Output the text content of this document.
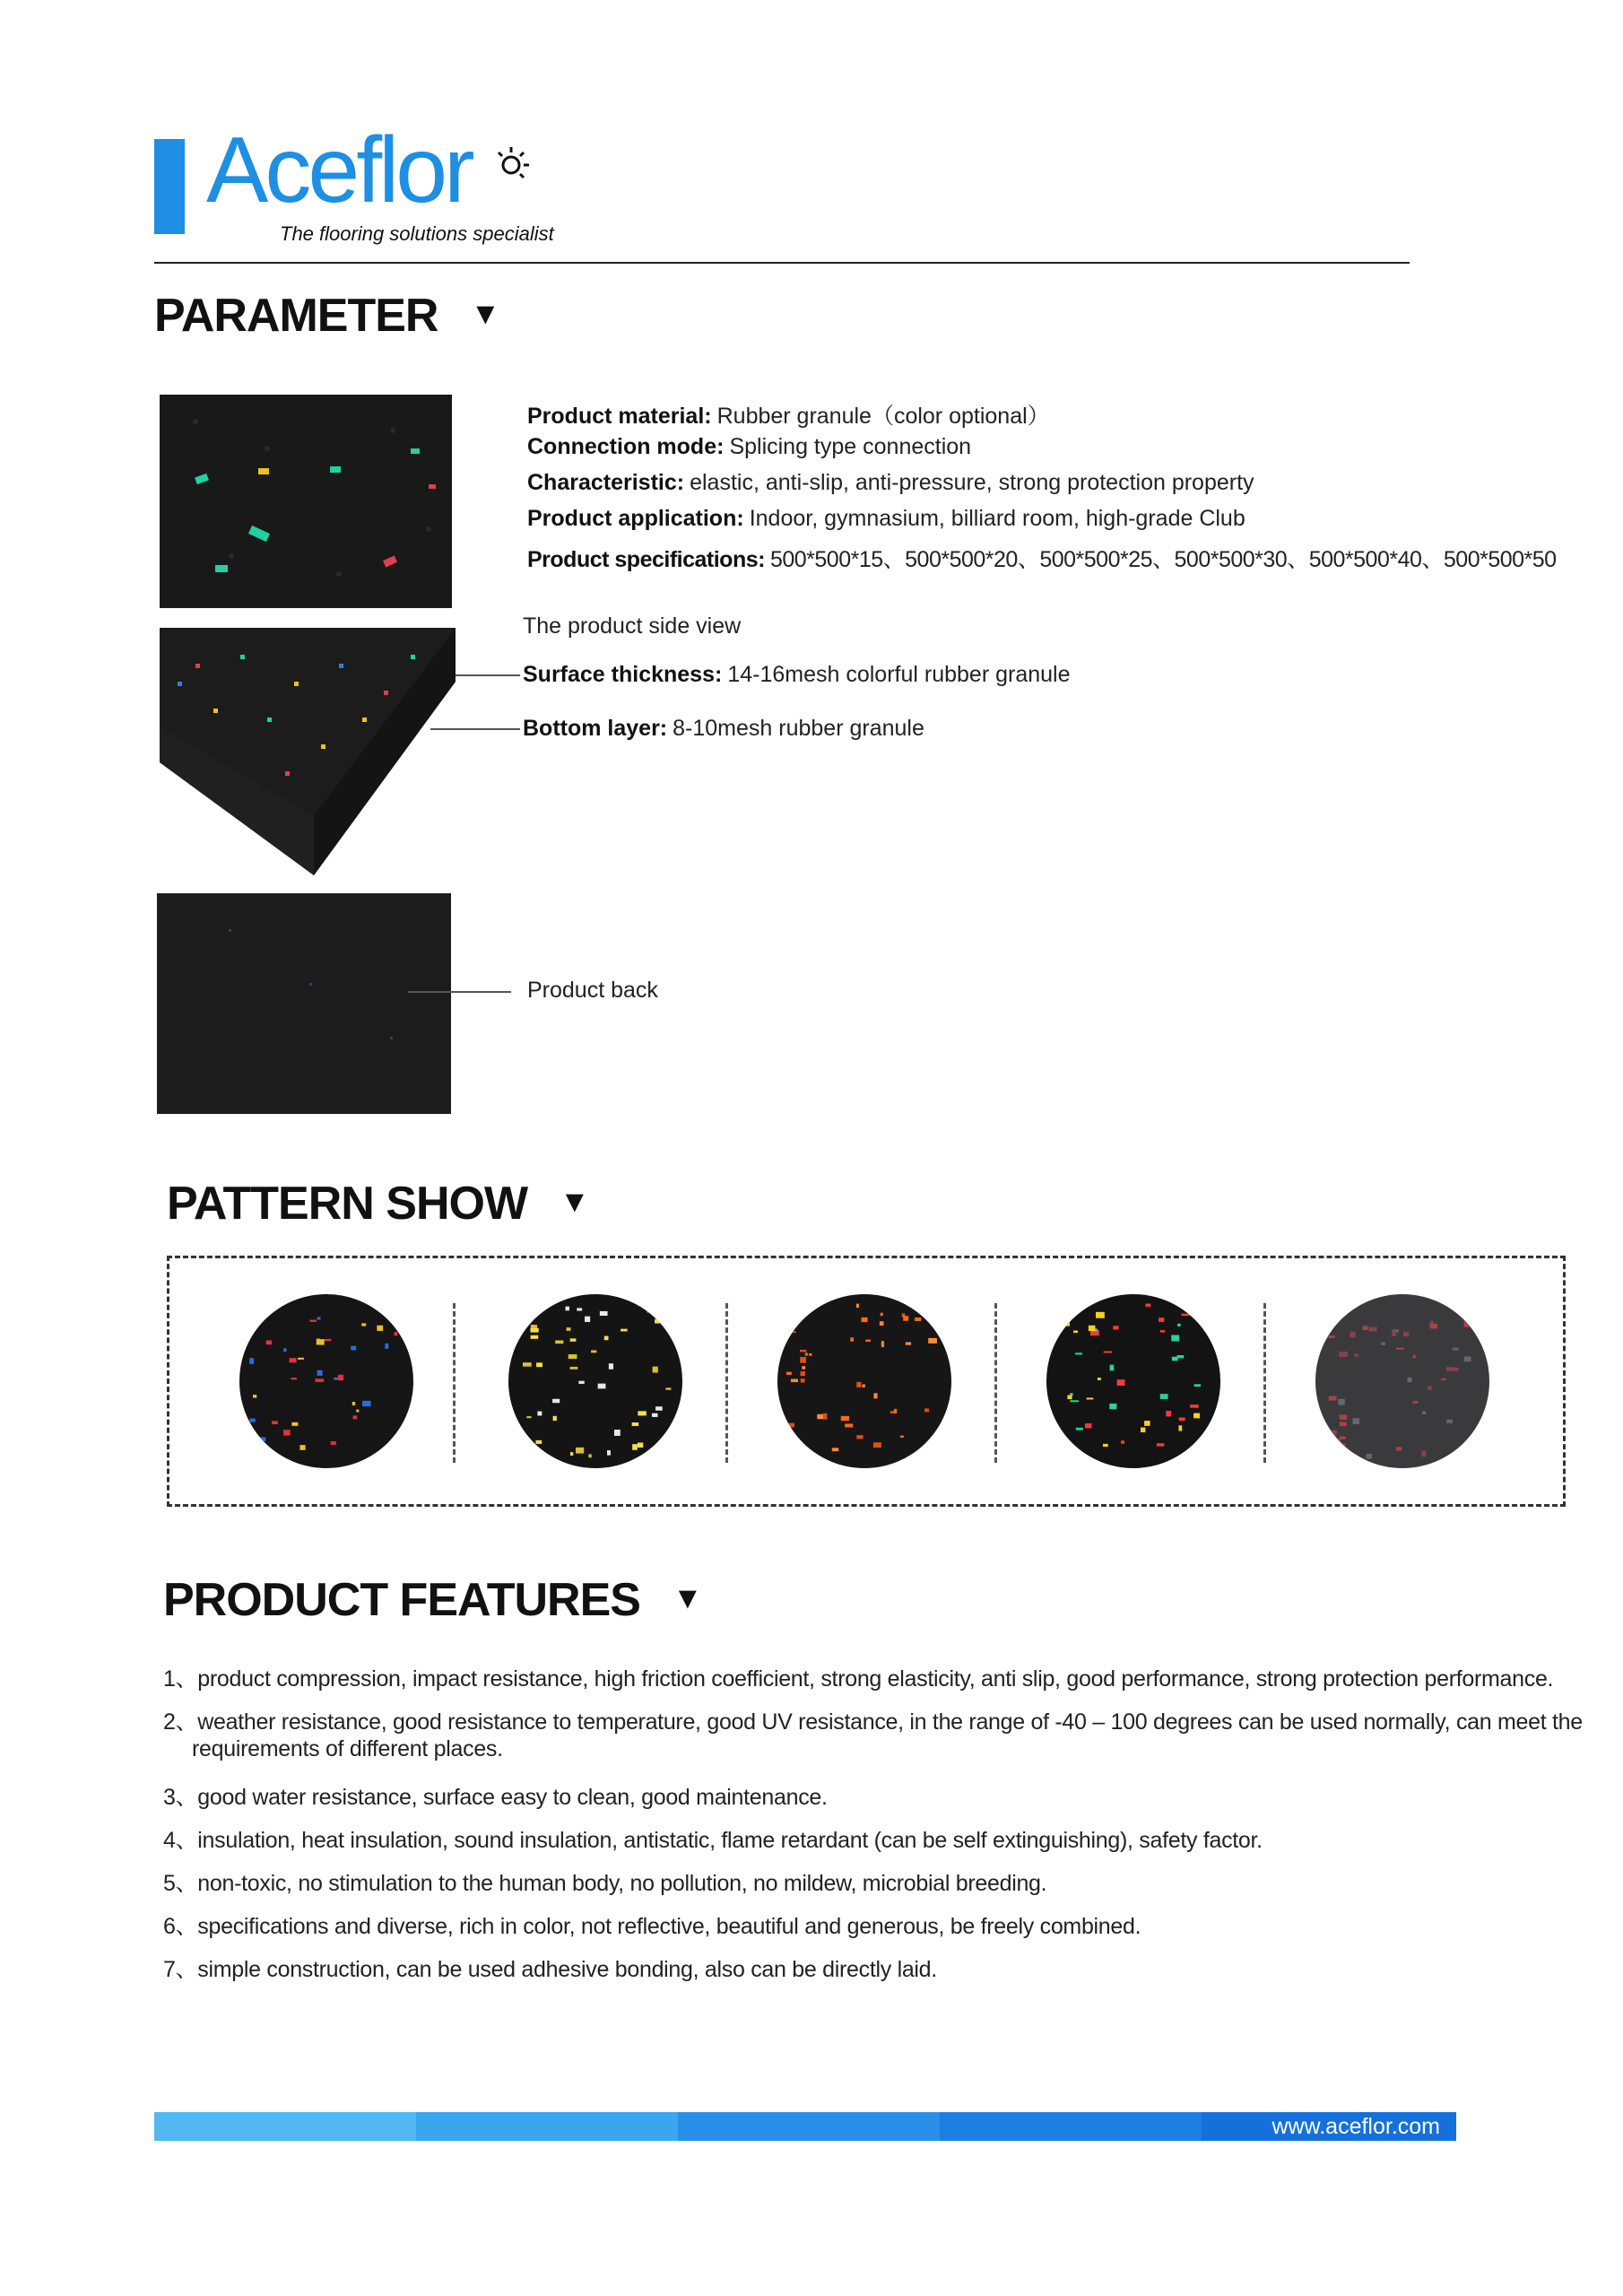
Aceflor
The flooring solutions specialist
PARAMETER ▼
Product material: Rubber granule（color optional）
Connection mode: Splicing type connection
Characteristic: elastic, anti-slip, anti-pressure, strong protection property
Product application: Indoor, gymnasium, billiard room, high-grade Club
Product specifications: 500*500*15、500*500*20、500*500*25、500*500*30、500*500*40、500*500*50
The product side view
Surface thickness: 14-16mesh colorful rubber granule
Bottom layer: 8-10mesh rubber granule
Product back
PATTERN SHOW ▼
PRODUCT FEATURES ▼
1、product compression, impact resistance, high friction coefficient, strong elasticity, anti slip, good performance, strong protection performance.
2、weather resistance, good resistance to temperature, good UV resistance, in the range of -40 – 100 degrees can be used normally, can meet the
requirements of different places.
3、good water resistance, surface easy to clean, good maintenance.
4、insulation, heat insulation, sound insulation, antistatic, flame retardant (can be self extinguishing), safety factor.
5、non-toxic, no stimulation to the human body, no pollution, no mildew, microbial breeding.
6、specifications and diverse, rich in color, not reflective, beautiful and generous, be freely combined.
7、simple construction, can be used adhesive bonding, also can be directly laid.
www.aceflor.com
